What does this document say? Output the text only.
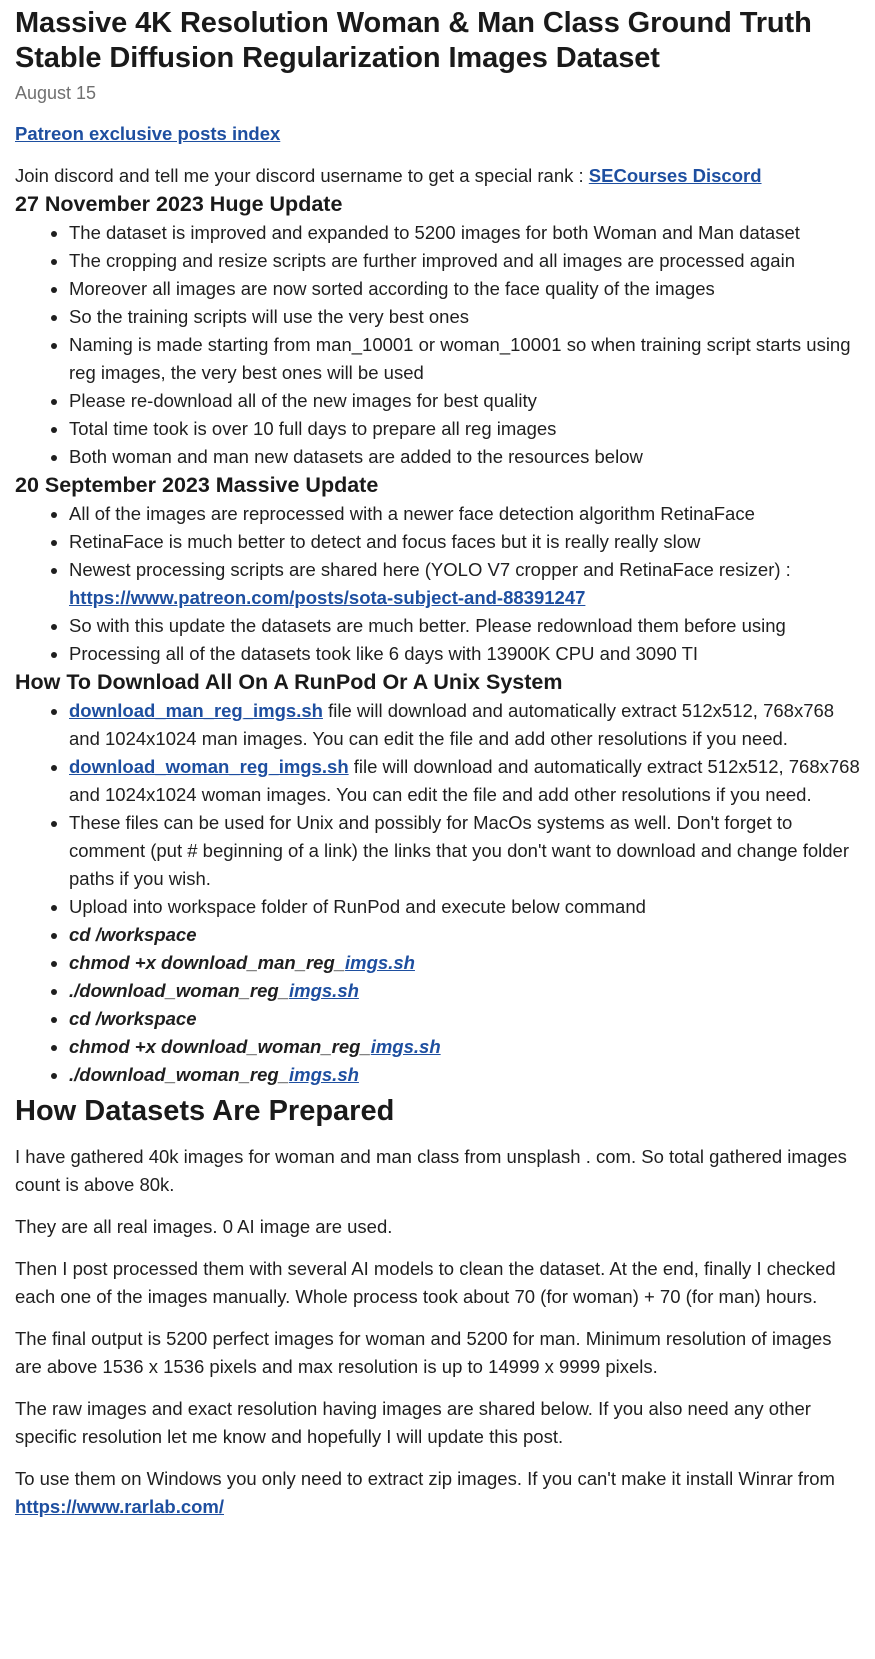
Massive 4K Resolution Woman & Man Class Ground Truth Stable Diffusion Regularization Images Dataset
August 15

Patreon exclusive posts index

Join discord and tell me your discord username to get a special rank : SECourses Discord

27 November 2023 Huge Update
• The dataset is improved and expanded to 5200 images for both Woman and Man dataset
• The cropping and resize scripts are further improved and all images are processed again
• Moreover all images are now sorted according to the face quality of the images
• So the training scripts will use the very best ones
• Naming is made starting from man_10001 or woman_10001 so when training script starts using reg images, the very best ones will be used
• Please re-download all of the new images for best quality
• Total time took is over 10 full days to prepare all reg images
• Both woman and man new datasets are added to the resources below
20 September 2023 Massive Update
• All of the images are reprocessed with a newer face detection algorithm RetinaFace
• RetinaFace is much better to detect and focus faces but it is really really slow
• Newest processing scripts are shared here (YOLO V7 cropper and RetinaFace resizer) : https://www.patreon.com/posts/sota-subject-and-88391247
• So with this update the datasets are much better. Please redownload them before using
• Processing all of the datasets took like 6 days with 13900K CPU and 3090 TI
How To Download All On A RunPod Or A Unix System
• download_man_reg_imgs.sh file will download and automatically extract 512x512, 768x768 and 1024x1024 man images. You can edit the file and add other resolutions if you need.
• download_woman_reg_imgs.sh file will download and automatically extract 512x512, 768x768 and 1024x1024 woman images. You can edit the file and add other resolutions if you need.
• These files can be used for Unix and possibly for MacOs systems as well. Don't forget to comment (put # beginning of a link) the links that you don't want to download and change folder paths if you wish.
• Upload into workspace folder of RunPod and execute below command
• cd /workspace
• chmod +x download_man_reg_imgs.sh
• ./download_woman_reg_imgs.sh
• cd /workspace
• chmod +x download_woman_reg_imgs.sh
• ./download_woman_reg_imgs.sh
How Datasets Are Prepared

I have gathered 40k images for woman and man class from unsplash . com. So total gathered images count is above 80k.

They are all real images. 0 AI image are used.

Then I post processed them with several AI models to clean the dataset. At the end, finally I checked each one of the images manually. Whole process took about 70 (for woman) + 70 (for man) hours.

The final output is 5200 perfect images for woman and 5200 for man. Minimum resolution of images are above 1536 x 1536 pixels and max resolution is up to 14999 x 9999 pixels.

The raw images and exact resolution having images are shared below. If you also need any other specific resolution let me know and hopefully I will update this post.

To use them on Windows you only need to extract zip images. If you can't make it install Winrar from https://www.rarlab.com/
